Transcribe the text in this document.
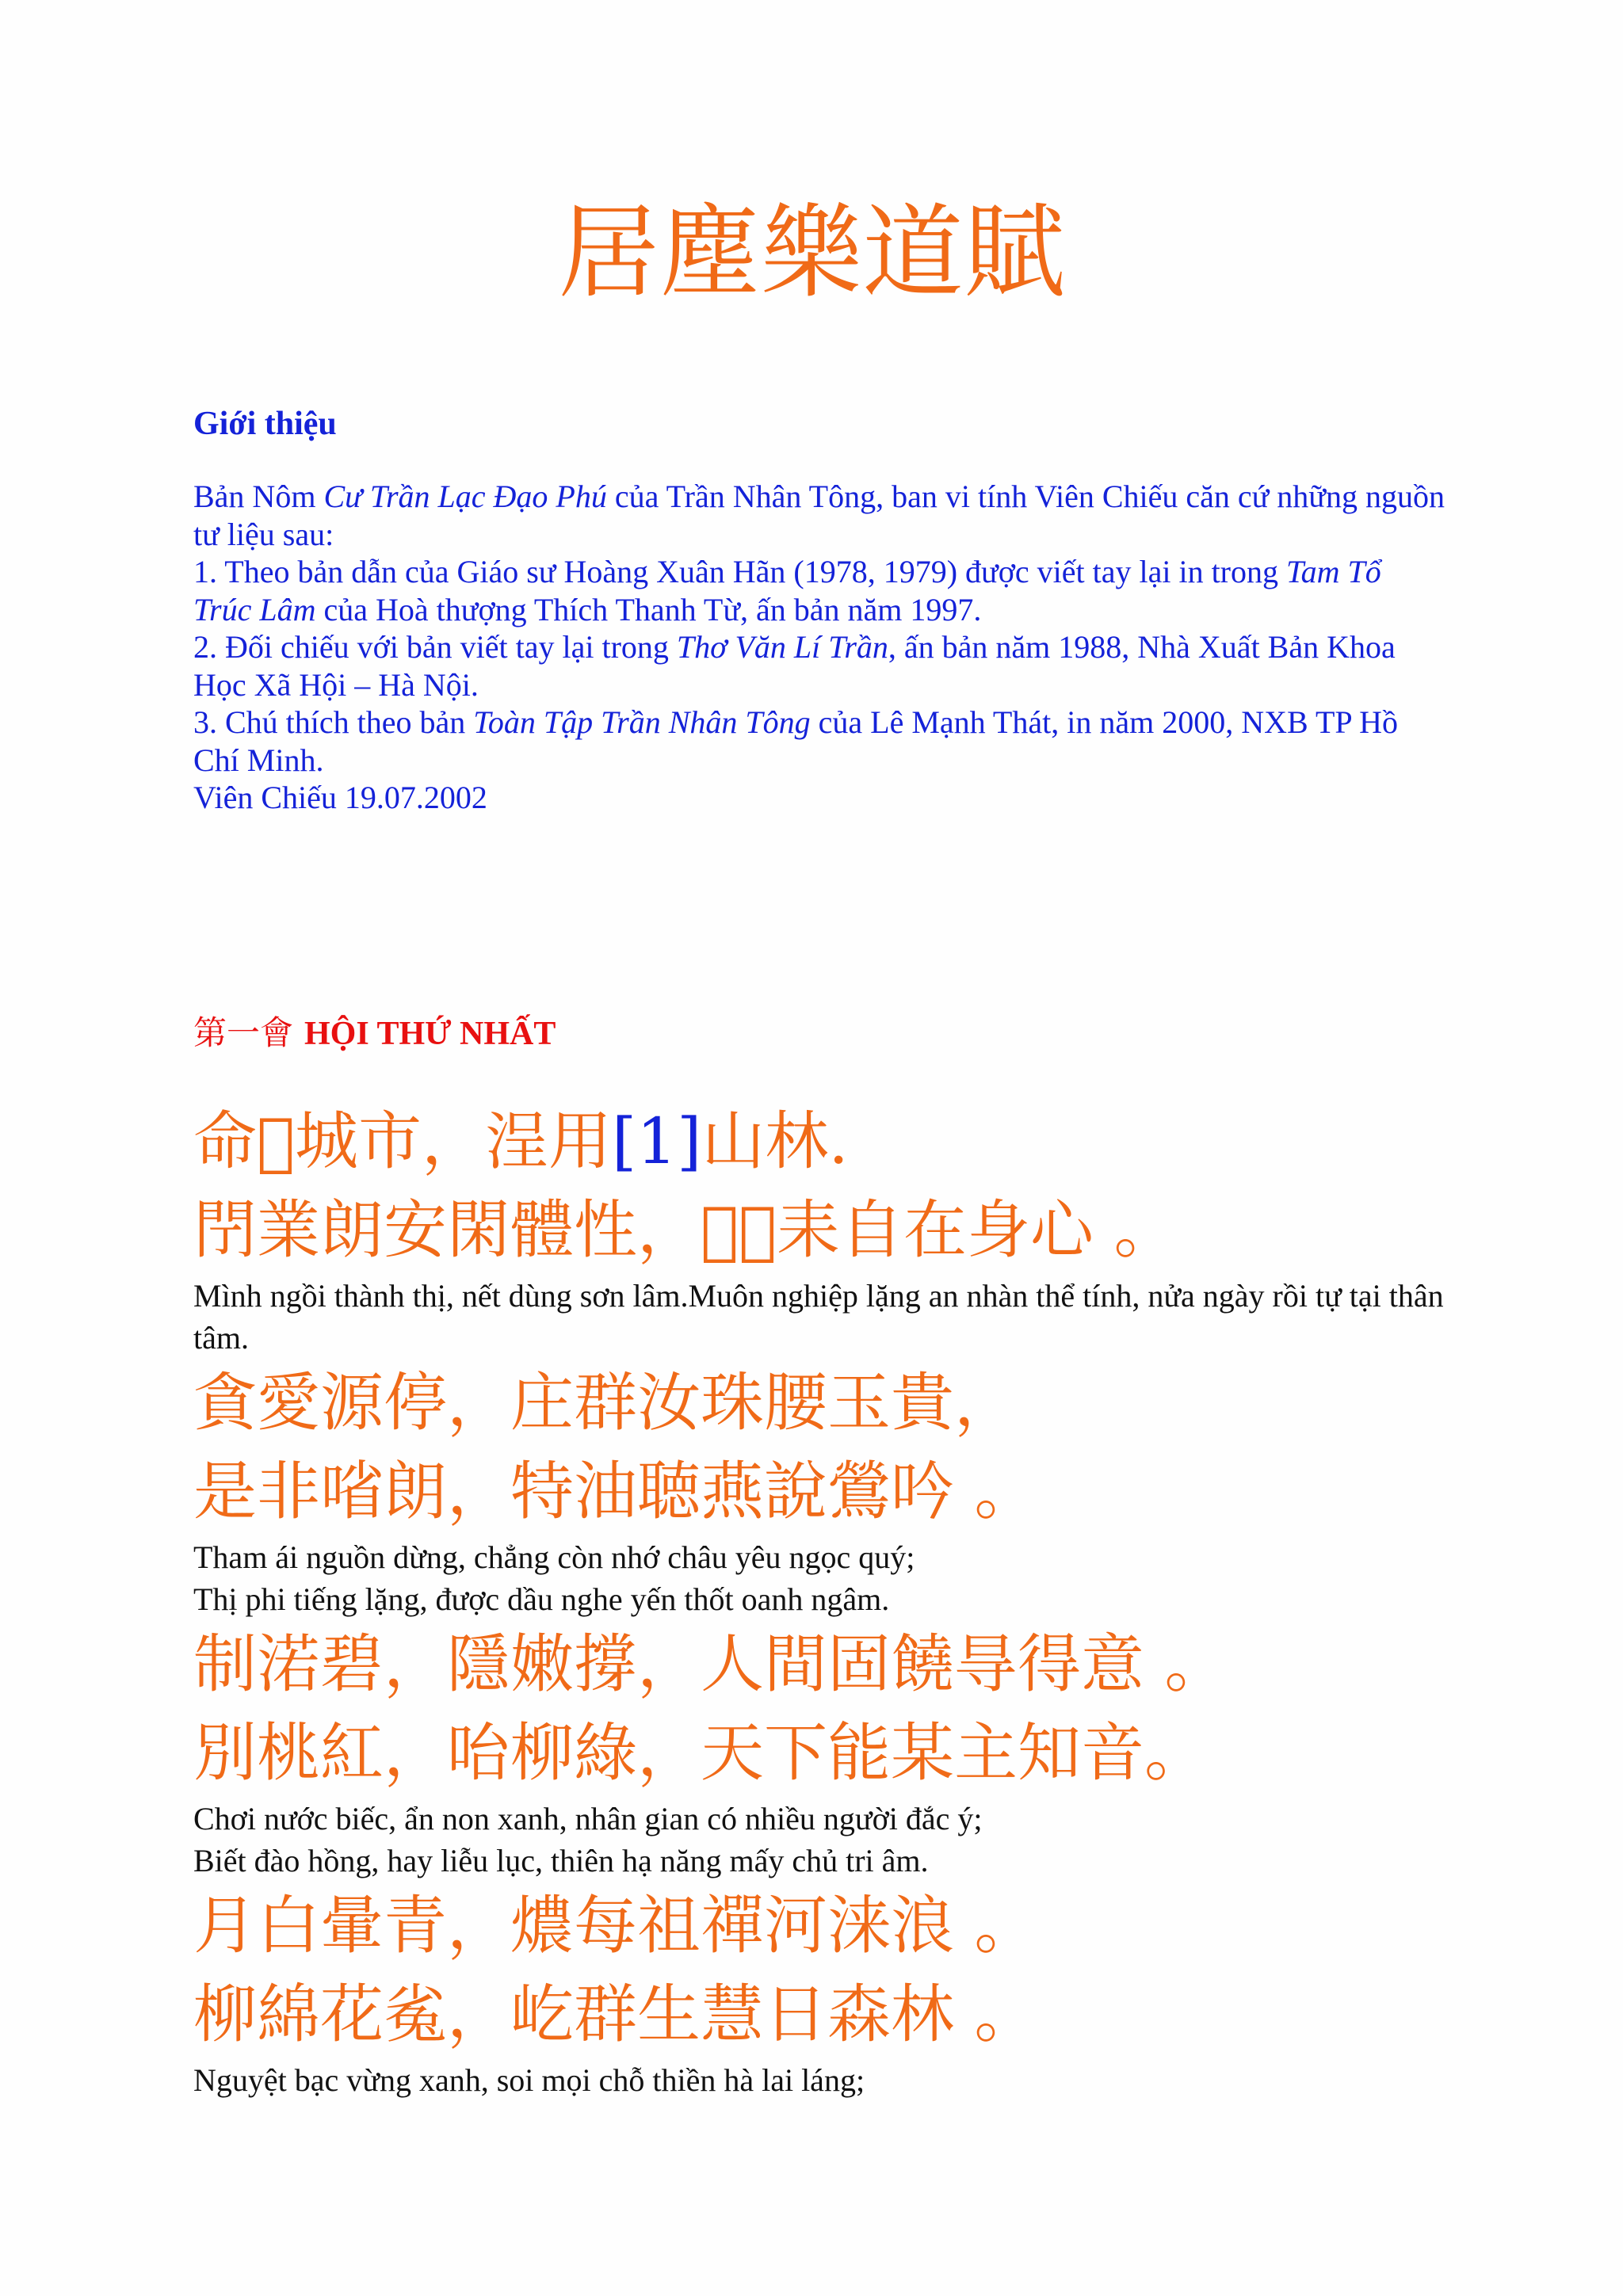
居塵樂道賦
Giới thiệu

Bản Nôm Cư Trần Lạc Đạo Phú của Trần Nhân Tông, ban vi tính Viên Chiếu căn cứ những nguồn tư liệu sau:

1. Theo bản dẫn của Giáo sư Hoàng Xuân Hãn (1978, 1979) được viết tay lại in trong Tam Tổ Trúc Lâm của Hoà thượng Thích Thanh Từ, ấn bản năm 1997.

2. Đối chiếu với bản viết tay lại trong Thơ Văn Lí Trần, ấn bản năm 1988, Nhà Xuất Bản Khoa Học Xã Hội – Hà Nội.

3. Chú thích theo bản Toàn Tập Trần Nhân Tông của Lê Mạnh Thát, in năm 2000, NXB TP Hồ Chí Minh.

Viên Chiếu 19.07.2002

第一會 HỘI THỨ NHẤT
命𡎢城市，浧用[1]山林.
閅業朗安閑體性，𡛤𣇞耒自在身心 。
Mình ngồi thành thị, nết dùng sơn lâm.Muôn nghiệp lặng an nhàn thể tính, nửa ngày rồi tự tại thân tâm.
貪愛源停，庄群汝珠腰玉貴，
是非㗂朗，特油聴燕說鶯吟 。
Tham ái nguồn dừng, chẳng còn nhớ châu yêu ngọc quý;
Thị phi tiếng lặng, được dầu nghe yến thốt oanh ngâm.
制渃碧，隱嫩撐，人間固饒㝵得意 。
別桃紅，咍柳綠，天下能某主知音。
Chơi nước biếc, ẩn non xanh, nhân gian có nhiều người đắc ý;
Biết đào hồng, hay liễu lục, thiên hạ năng mấy chủ tri âm.
月白暈青，燶每祖禪河涞浪 。
柳綿花㝹，屹群生慧日森林 。
Nguyệt bạc vừng xanh, soi mọi chỗ thiền hà lai láng;
